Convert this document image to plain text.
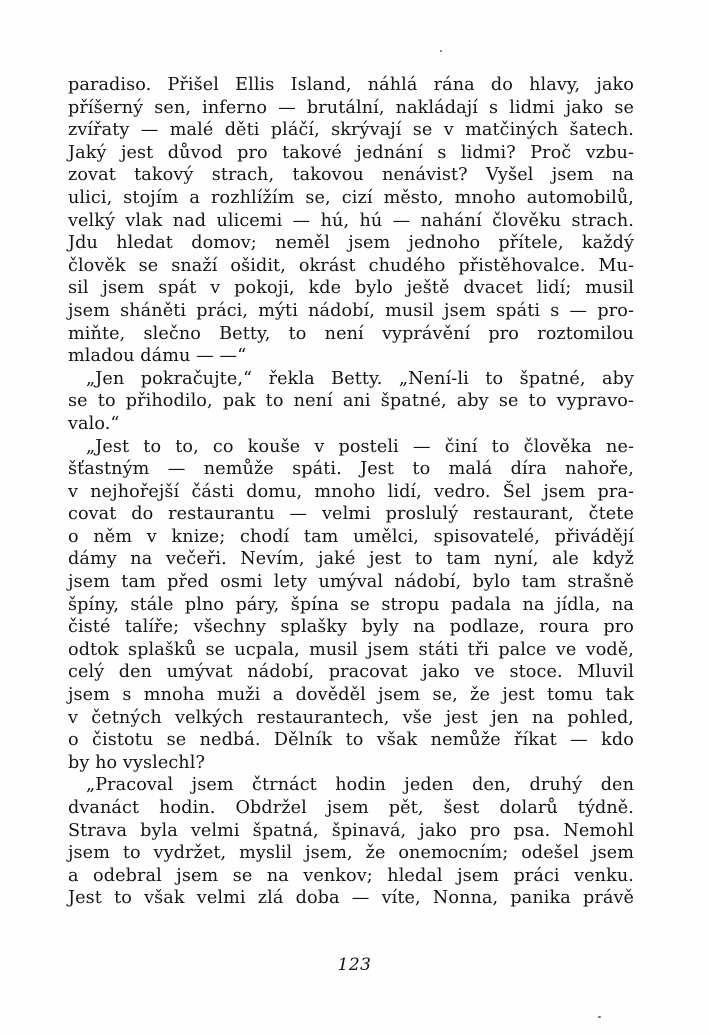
paradiso. Přišel Ellis Island, náhlá rána do hlavy, jako
příšerný sen, inferno — brutální, nakládají s lidmi jako se
zvířaty — malé děti pláčí, skrývají se v matčiných šatech.
Jaký jest důvod pro takové jednání s lidmi? Proč vzbu-
zovat takový strach, takovou nenávist? Vyšel jsem na
ulici, stojím a rozhlížím se, cizí město, mnoho automobilů,
velký vlak nad ulicemi — hú, hú — nahání člověku strach.
Jdu hledat domov; neměl jsem jednoho přítele, každý
člověk se snaží ošidit, okrást chudého přistěhovalce. Mu-
sil jsem spát v pokoji, kde bylo ještě dvacet lidí; musil
jsem sháněti práci, mýti nádobí, musil jsem spáti s — pro-
miňte, slečno Betty, to není vyprávění pro roztomilou
mladou dámu — —“
„Jen pokračujte,“ řekla Betty. „Není-li to špatné, aby
se to přihodilo, pak to není ani špatné, aby se to vypravo-
valo.“
„Jest to to, co kouše v posteli — činí to člověka ne-
šťastným — nemůže spáti. Jest to malá díra nahoře,
v nejhořejší části domu, mnoho lidí, vedro. Šel jsem pra-
covat do restaurantu — velmi proslulý restaurant, čtete
o něm v knize; chodí tam umělci, spisovatelé, přivádějí
dámy na večeři. Nevím, jaké jest to tam nyní, ale když
jsem tam před osmi lety umýval nádobí, bylo tam strašně
špíny, stále plno páry, špína se stropu padala na jídla, na
čisté talíře; všechny splašky byly na podlaze, roura pro
odtok splašků se ucpala, musil jsem státi tři palce ve vodě,
celý den umývat nádobí, pracovat jako ve stoce. Mluvil
jsem s mnoha muži a dověděl jsem se, že jest tomu tak
v četných velkých restaurantech, vše jest jen na pohled,
o čistotu se nedbá. Dělník to však nemůže říkat — kdo
by ho vyslechl?
„Pracoval jsem čtrnáct hodin jeden den, druhý den
dvanáct hodin. Obdržel jsem pět, šest dolarů týdně.
Strava byla velmi špatná, špinavá, jako pro psa. Nemohl
jsem to vydržet, myslil jsem, že onemocním; odešel jsem
a odebral jsem se na venkov; hledal jsem práci venku.
Jest to však velmi zlá doba — víte, Nonna, panika právě
123
